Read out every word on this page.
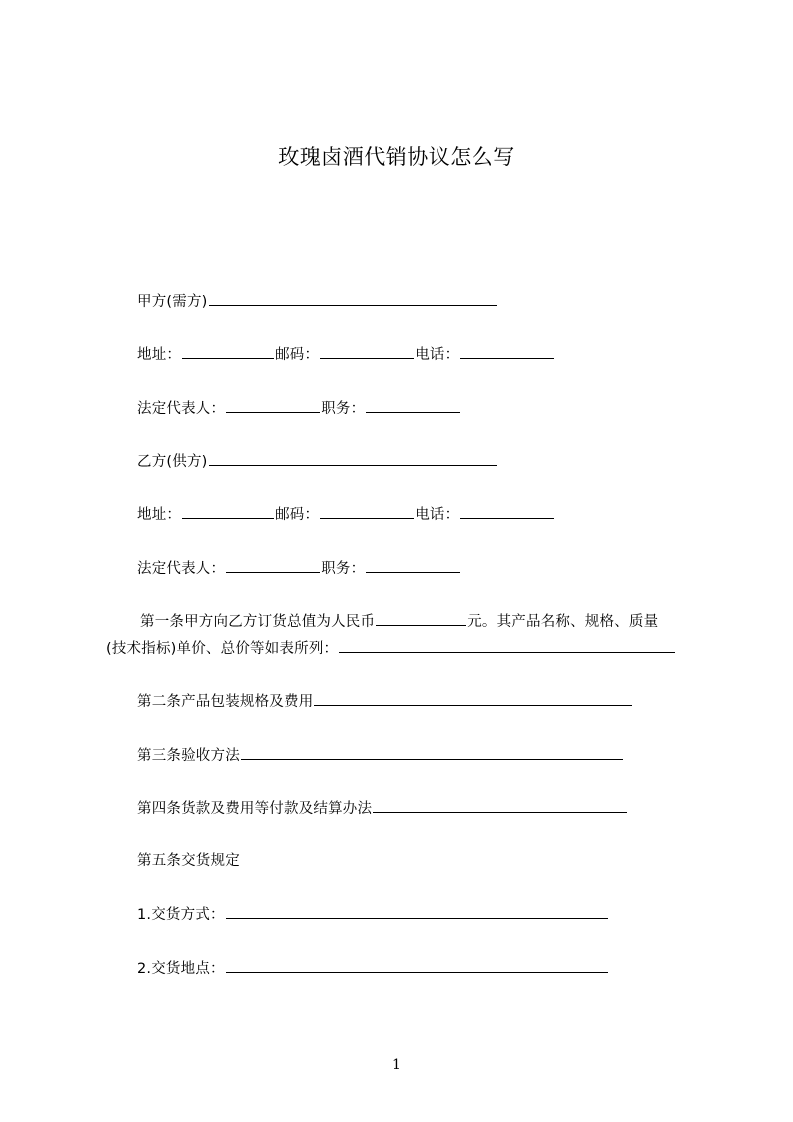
玫瑰卤酒代销协议怎么写
甲方(需方)
地址：	邮码：	电话：
法定代表人：	职务：
乙方(供方)
地址：	邮码：	电话：
法定代表人：	职务：
第一条甲方向乙方订货总值为人民币	元。其产品名称、规格、质量
(技术指标)单价、总价等如表所列：
第二条产品包装规格及费用
第三条验收方法
第四条货款及费用等付款及结算办法
第五条交货规定
1.交货方式：
2.交货地点：
1
